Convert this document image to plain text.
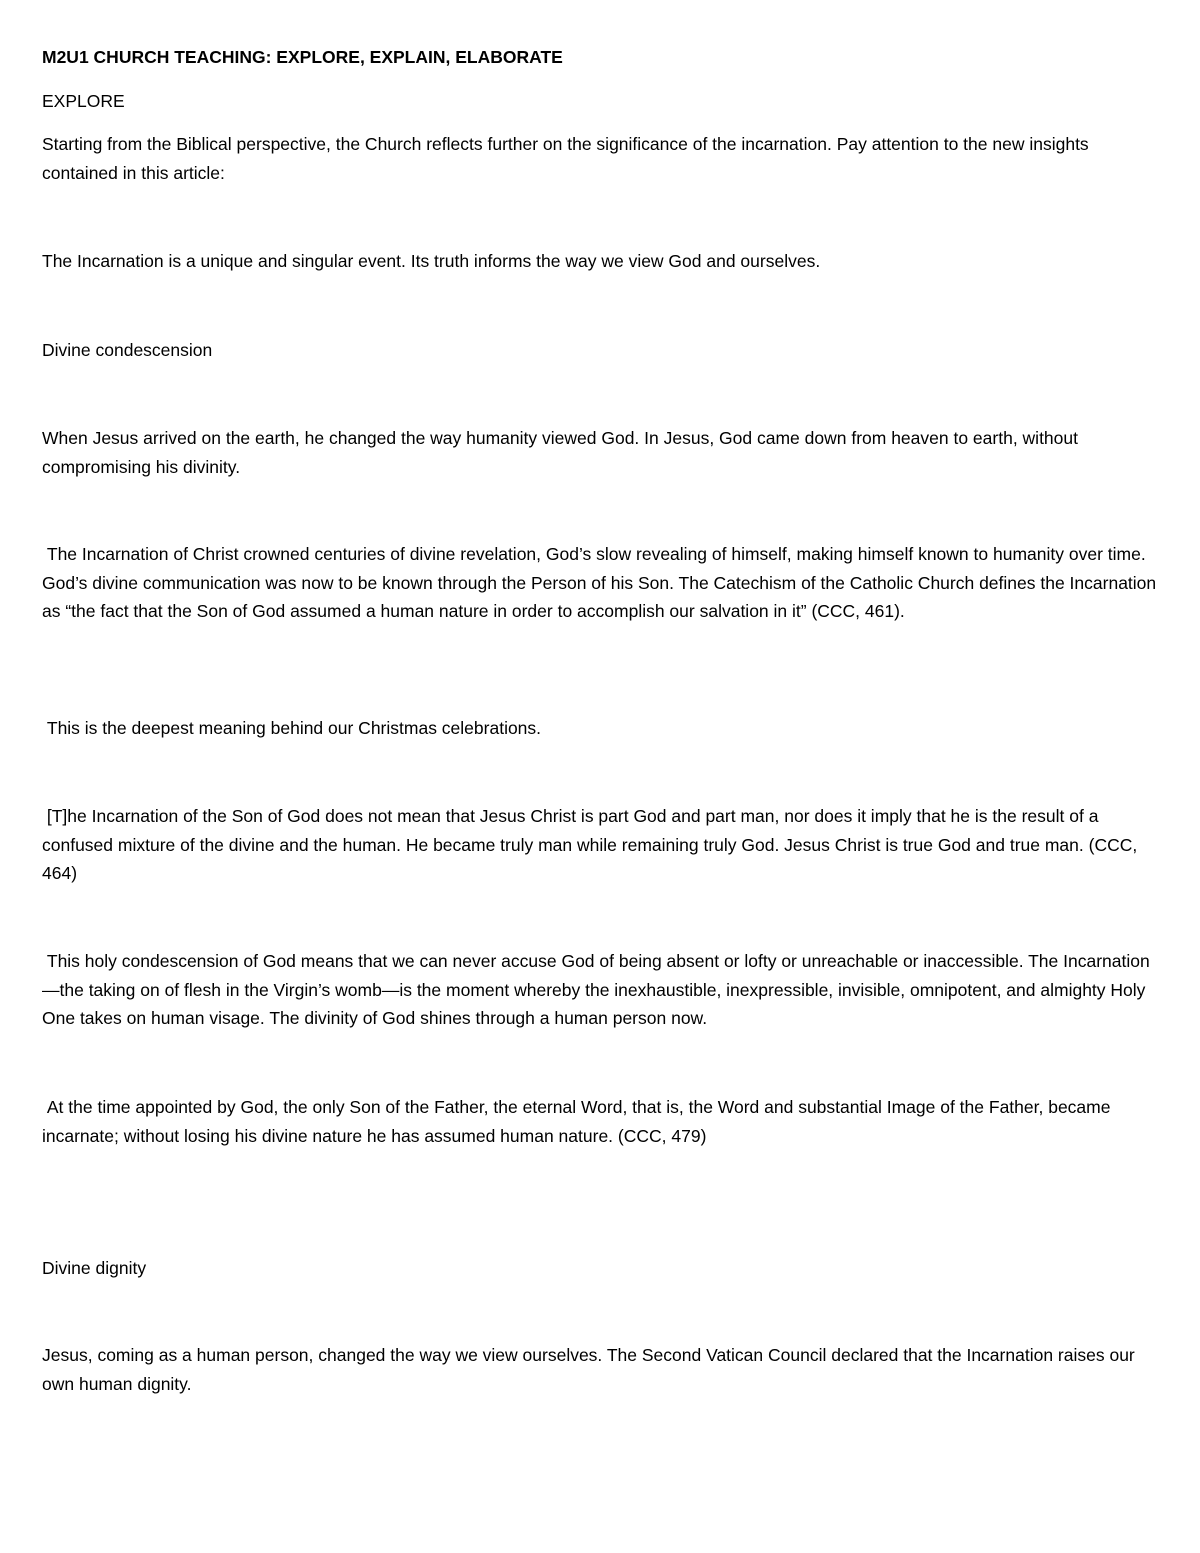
M2U1 CHURCH TEACHING: EXPLORE, EXPLAIN, ELABORATE

EXPLORE

Starting from the Biblical perspective, the Church reflects further on the significance of the incarnation. Pay attention to the new insights contained in this article:

The Incarnation is a unique and singular event. Its truth informs the way we view God and ourselves.

Divine condescension

When Jesus arrived on the earth, he changed the way humanity viewed God. In Jesus, God came down from heaven to earth, without compromising his divinity.

The Incarnation of Christ crowned centuries of divine revelation, God’s slow revealing of himself, making himself known to humanity over time. God’s divine communication was now to be known through the Person of his Son. The Catechism of the Catholic Church defines the Incarnation as “the fact that the Son of God assumed a human nature in order to accomplish our salvation in it” (CCC, 461).

This is the deepest meaning behind our Christmas celebrations.

[T]he Incarnation of the Son of God does not mean that Jesus Christ is part God and part man, nor does it imply that he is the result of a confused mixture of the divine and the human. He became truly man while remaining truly God. Jesus Christ is true God and true man. (CCC, 464)

This holy condescension of God means that we can never accuse God of being absent or lofty or unreachable or inaccessible. The Incarnation—the taking on of flesh in the Virgin’s womb—is the moment whereby the inexhaustible, inexpressible, invisible, omnipotent, and almighty Holy One takes on human visage. The divinity of God shines through a human person now.

At the time appointed by God, the only Son of the Father, the eternal Word, that is, the Word and substantial Image of the Father, became incarnate; without losing his divine nature he has assumed human nature. (CCC, 479)

Divine dignity

Jesus, coming as a human person, changed the way we view ourselves. The Second Vatican Council declared that the Incarnation raises our own human dignity.
